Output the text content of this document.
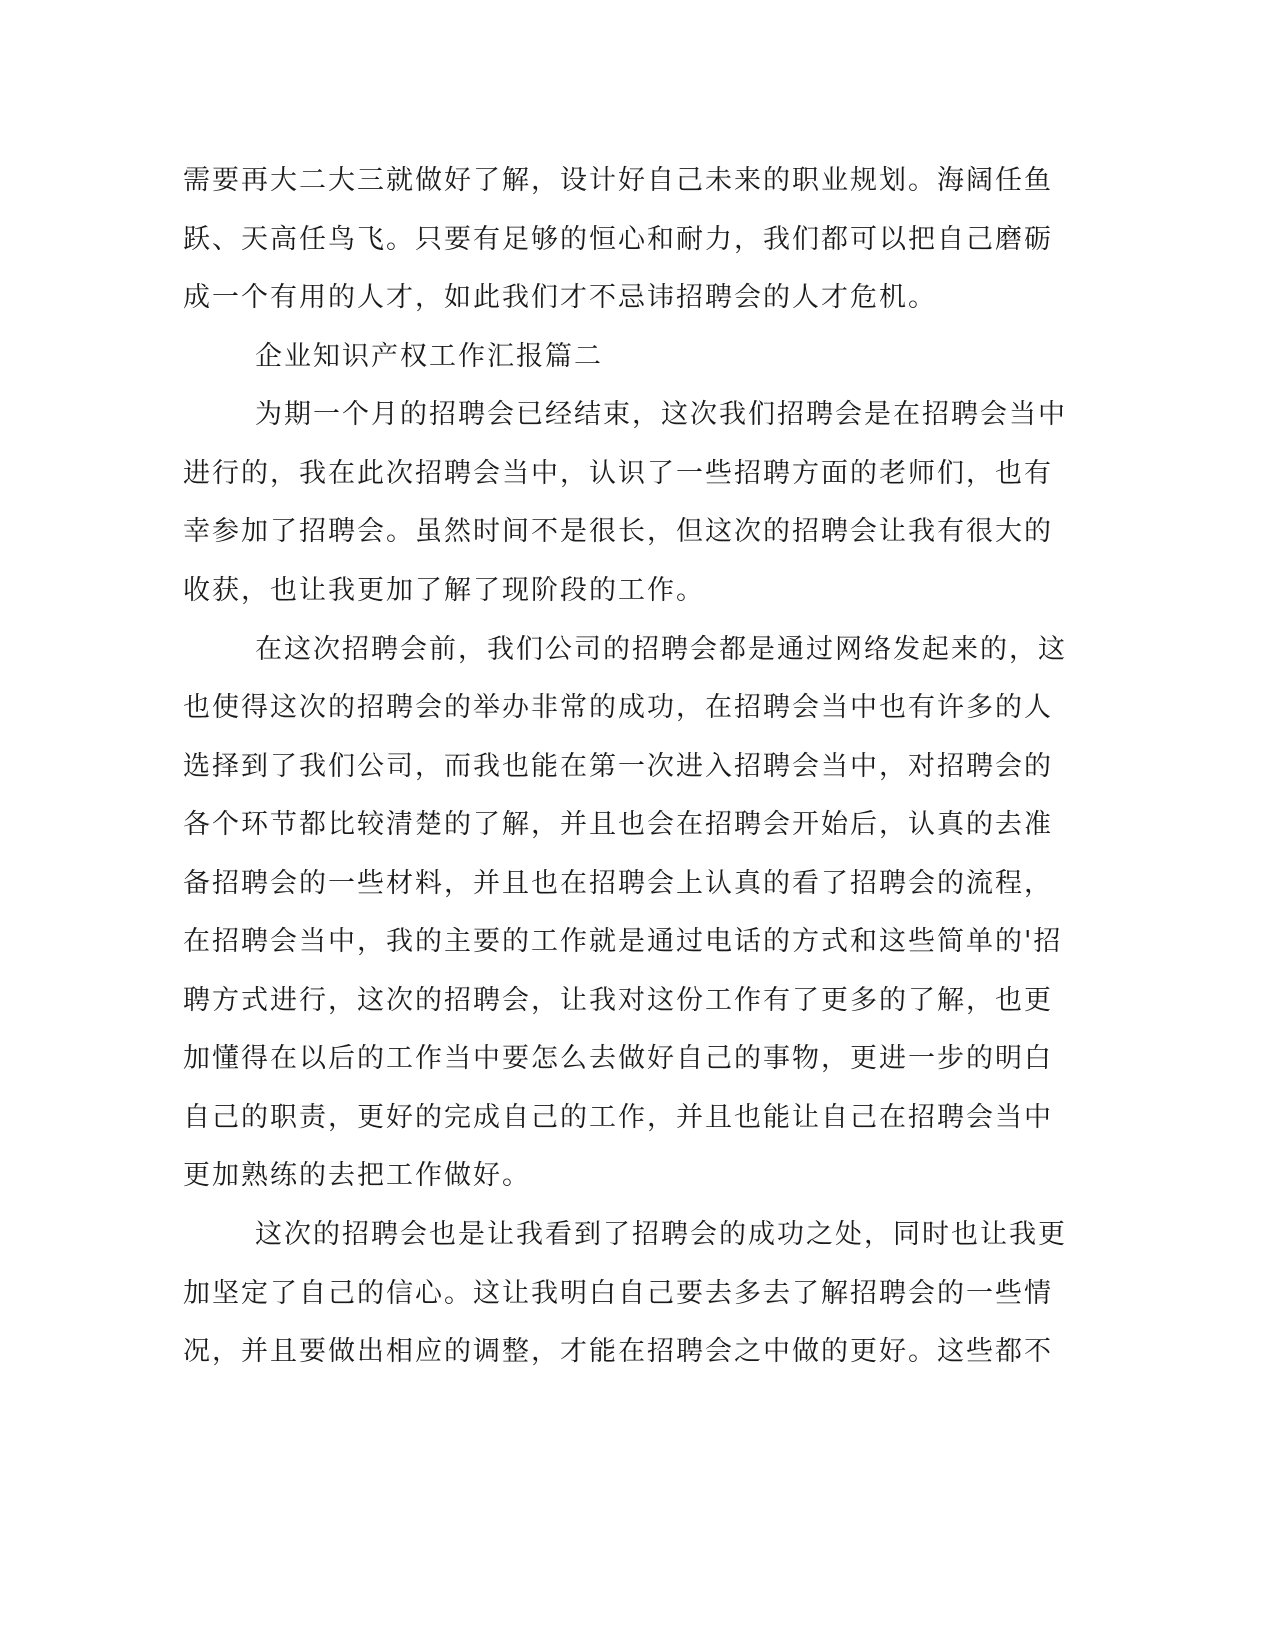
需要再大二大三就做好了解，设计好自己未来的职业规划。海阔任鱼
跃、天高任鸟飞。只要有足够的恒心和耐力，我们都可以把自己磨砺
成一个有用的人才，如此我们才不忌讳招聘会的人才危机。
企业知识产权工作汇报篇二
为期一个月的招聘会已经结束，这次我们招聘会是在招聘会当中
进行的，我在此次招聘会当中，认识了一些招聘方面的老师们，也有
幸参加了招聘会。虽然时间不是很长，但这次的招聘会让我有很大的
收获，也让我更加了解了现阶段的工作。
在这次招聘会前，我们公司的招聘会都是通过网络发起来的，这
也使得这次的招聘会的举办非常的成功，在招聘会当中也有许多的人
选择到了我们公司，而我也能在第一次进入招聘会当中，对招聘会的
各个环节都比较清楚的了解，并且也会在招聘会开始后，认真的去准
备招聘会的一些材料，并且也在招聘会上认真的看了招聘会的流程，
在招聘会当中，我的主要的工作就是通过电话的方式和这些简单的'招
聘方式进行，这次的招聘会，让我对这份工作有了更多的了解，也更
加懂得在以后的工作当中要怎么去做好自己的事物，更进一步的明白
自己的职责，更好的完成自己的工作，并且也能让自己在招聘会当中
更加熟练的去把工作做好。
这次的招聘会也是让我看到了招聘会的成功之处，同时也让我更
加坚定了自己的信心。这让我明白自己要去多去了解招聘会的一些情
况，并且要做出相应的调整，才能在招聘会之中做的更好。这些都不
